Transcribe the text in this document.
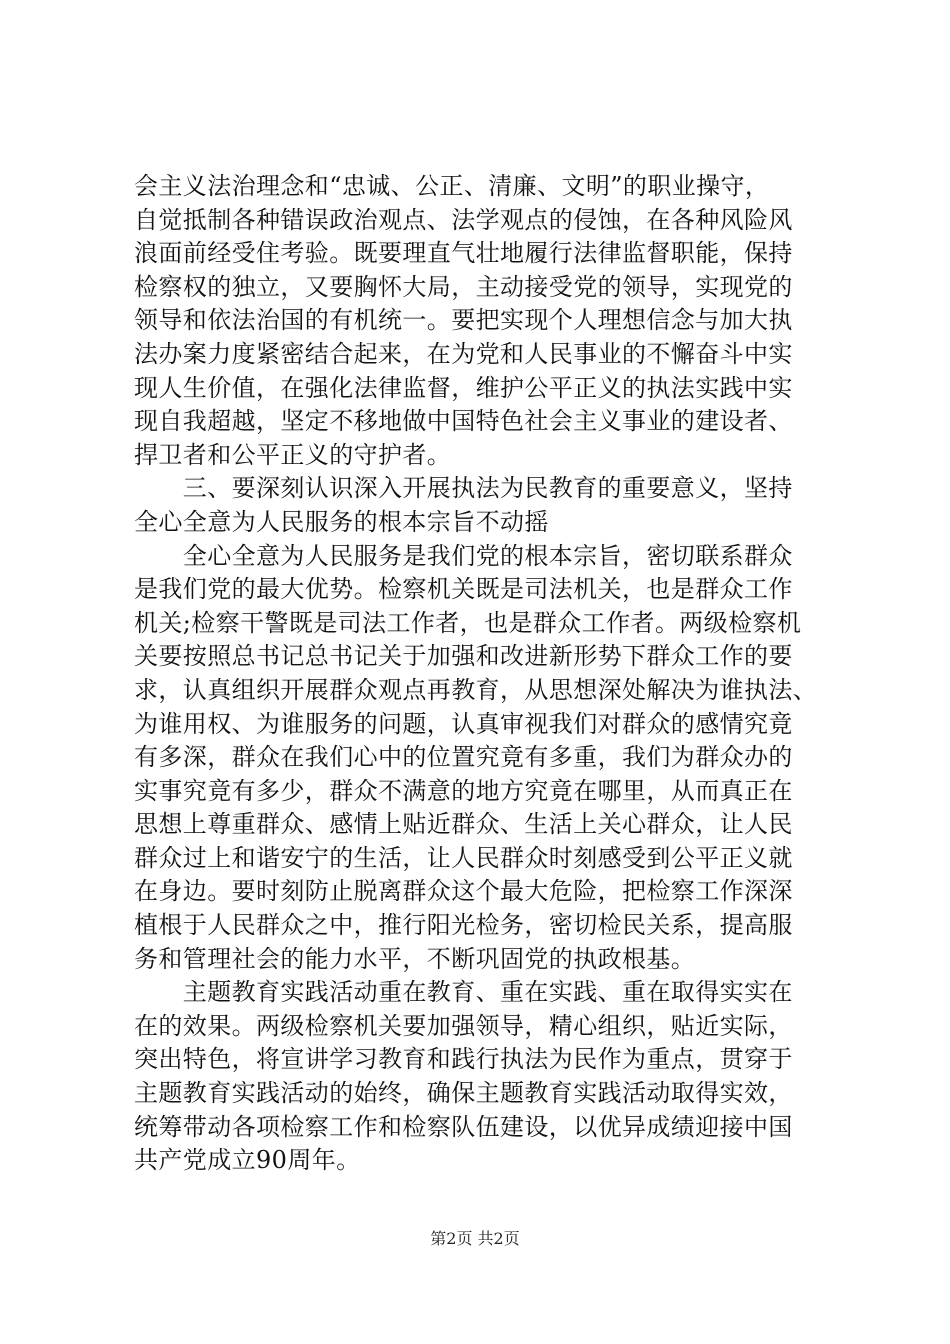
会主义法治理念和“忠诚、公正、清廉、文明”的职业操守，
自觉抵制各种错误政治观点、法学观点的侵蚀，在各种风险风
浪面前经受住考验。既要理直气壮地履行法律监督职能，保持
检察权的独立，又要胸怀大局，主动接受党的领导，实现党的
领导和依法治国的有机统一。要把实现个人理想信念与加大执
法办案力度紧密结合起来，在为党和人民事业的不懈奋斗中实
现人生价值，在强化法律监督，维护公平正义的执法实践中实
现自我超越，坚定不移地做中国特色社会主义事业的建设者、
捍卫者和公平正义的守护者。
　　三、要深刻认识深入开展执法为民教育的重要意义，坚持
全心全意为人民服务的根本宗旨不动摇
　　全心全意为人民服务是我们党的根本宗旨，密切联系群众
是我们党的最大优势。检察机关既是司法机关，也是群众工作
机关;检察干警既是司法工作者，也是群众工作者。两级检察机
关要按照总书记总书记关于加强和改进新形势下群众工作的要
求，认真组织开展群众观点再教育，从思想深处解决为谁执法、
为谁用权、为谁服务的问题，认真审视我们对群众的感情究竟
有多深，群众在我们心中的位置究竟有多重，我们为群众办的
实事究竟有多少，群众不满意的地方究竟在哪里，从而真正在
思想上尊重群众、感情上贴近群众、生活上关心群众，让人民
群众过上和谐安宁的生活，让人民群众时刻感受到公平正义就
在身边。要时刻防止脱离群众这个最大危险，把检察工作深深
植根于人民群众之中，推行阳光检务，密切检民关系，提高服
务和管理社会的能力水平，不断巩固党的执政根基。
　　主题教育实践活动重在教育、重在实践、重在取得实实在
在的效果。两级检察机关要加强领导，精心组织，贴近实际，
突出特色，将宣讲学习教育和践行执法为民作为重点，贯穿于
主题教育实践活动的始终，确保主题教育实践活动取得实效，
统筹带动各项检察工作和检察队伍建设，以优异成绩迎接中国
共产党成立90周年。
第2页 共2页
